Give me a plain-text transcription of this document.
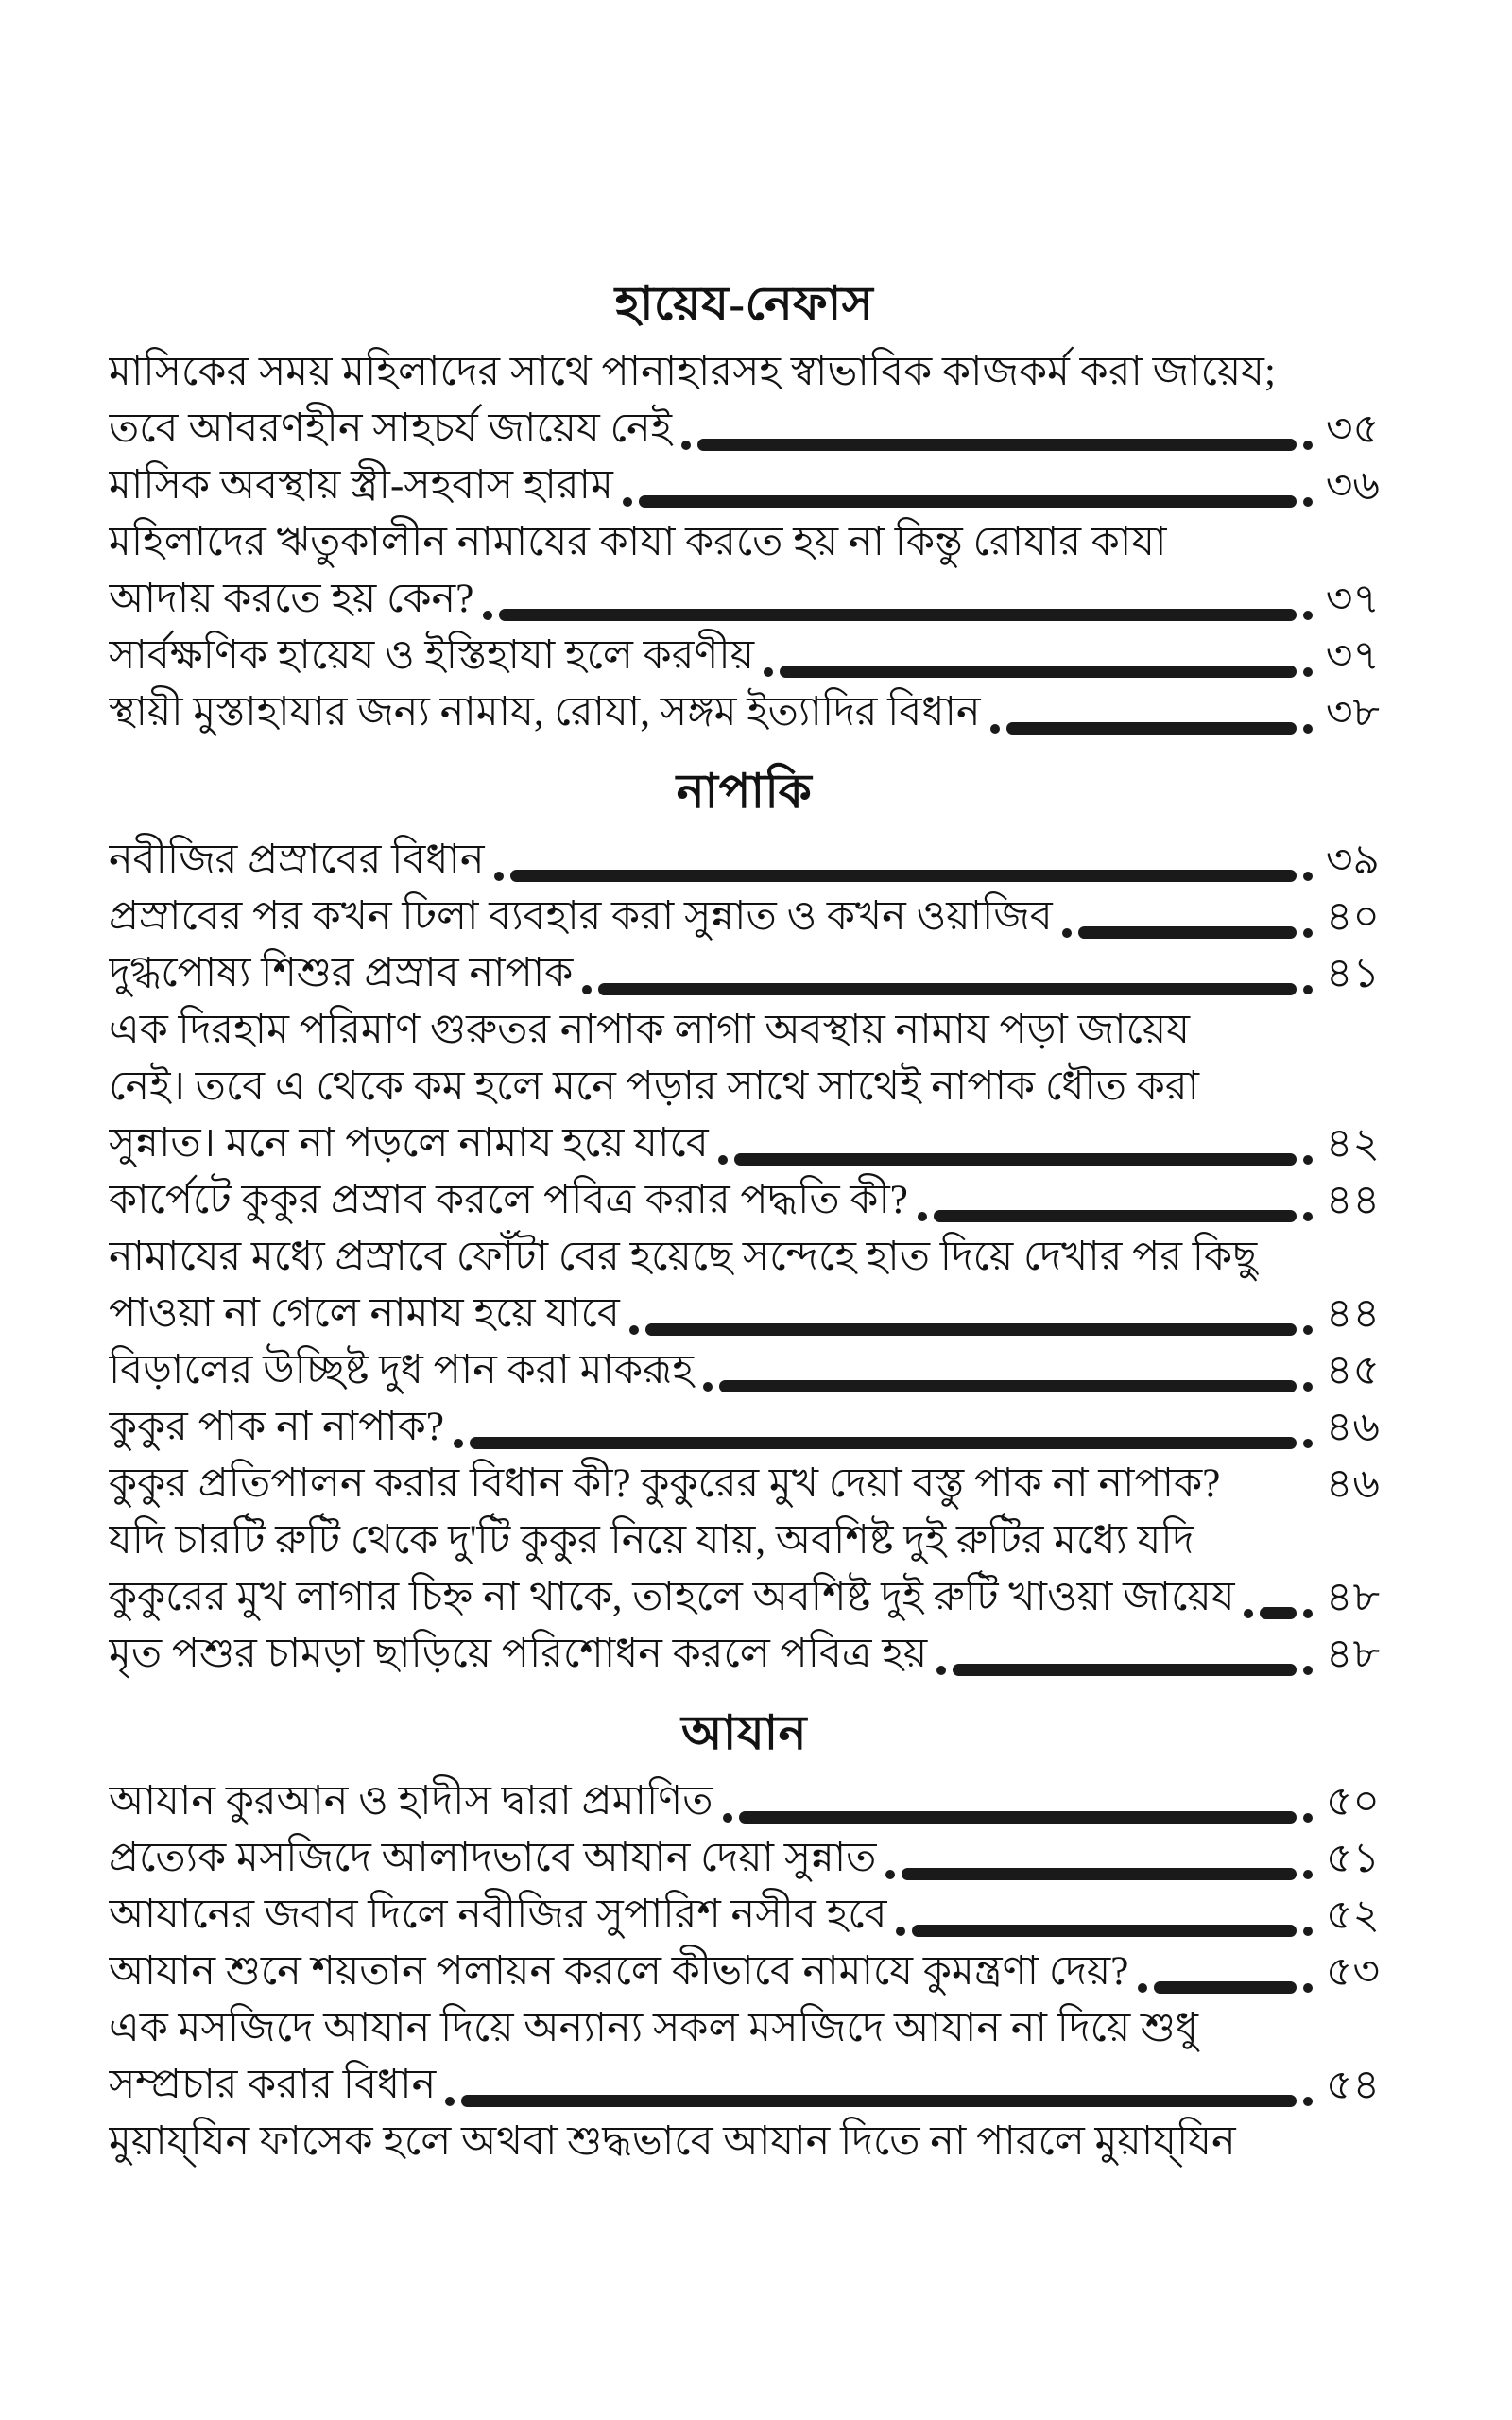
হায়েয-নেফাস
মাসিকের সময় মহিলাদের সাথে পানাহারসহ স্বাভাবিক কাজকর্ম করা জায়েয;
তবে আবরণহীন সাহচর্য জায়েয নেই	৩৫
মাসিক অবস্থায় স্ত্রী-সহবাস হারাম	৩৬
মহিলাদের ঋতুকালীন নামাযের কাযা করতে হয় না কিন্তু রোযার কাযা
আদায় করতে হয় কেন?	৩৭
সার্বক্ষণিক হায়েয ও ইস্তিহাযা হলে করণীয়	৩৭
স্থায়ী মুস্তাহাযার জন্য নামায, রোযা, সঙ্গম ইত্যাদির বিধান	৩৮
নাপাকি
নবীজির প্রস্রাবের বিধান	৩৯
প্রস্রাবের পর কখন ঢিলা ব্যবহার করা সুন্নাত ও কখন ওয়াজিব	৪০
দুগ্ধপোষ্য শিশুর প্রস্রাব নাপাক	৪১
এক দিরহাম পরিমাণ গুরুতর নাপাক লাগা অবস্থায় নামায পড়া জায়েয
নেই। তবে এ থেকে কম হলে মনে পড়ার সাথে সাথেই নাপাক ধৌত করা
সুন্নাত। মনে না পড়লে নামায হয়ে যাবে	৪২
কার্পেটে কুকুর প্রস্রাব করলে পবিত্র করার পদ্ধতি কী?	৪৪
নামাযের মধ্যে প্রস্রাবে ফোঁটা বের হয়েছে সন্দেহে হাত দিয়ে দেখার পর কিছু
পাওয়া না গেলে নামায হয়ে যাবে	৪৪
বিড়ালের উচ্ছিষ্ট দুধ পান করা মাকরূহ	৪৫
কুকুর পাক না নাপাক?	৪৬
কুকুর প্রতিপালন করার বিধান কী? কুকুরের মুখ দেয়া বস্তু পাক না নাপাক?	৪৬
যদি চারটি রুটি থেকে দু'টি কুকুর নিয়ে যায়, অবশিষ্ট দুই রুটির মধ্যে যদি
কুকুরের মুখ লাগার চিহ্ন না থাকে, তাহলে অবশিষ্ট দুই রুটি খাওয়া জায়েয ৪৮
মৃত পশুর চামড়া ছাড়িয়ে পরিশোধন করলে পবিত্র হয়	৪৮
আযান
আযান কুরআন ও হাদীস দ্বারা প্রমাণিত	৫০
প্রত্যেক মসজিদে আলাদভাবে আযান দেয়া সুন্নাত	৫১
আযানের জবাব দিলে নবীজির সুপারিশ নসীব হবে	৫২
আযান শুনে শয়তান পলায়ন করলে কীভাবে নামাযে কুমন্ত্রণা দেয়?	৫৩
এক মসজিদে আযান দিয়ে অন্যান্য সকল মসজিদে আযান না দিয়ে শুধু
সম্প্রচার করার বিধান	৫৪
মুয়ায্‌যিন ফাসেক হলে অথবা শুদ্ধভাবে আযান দিতে না পারলে মুয়ায্‌যিন
